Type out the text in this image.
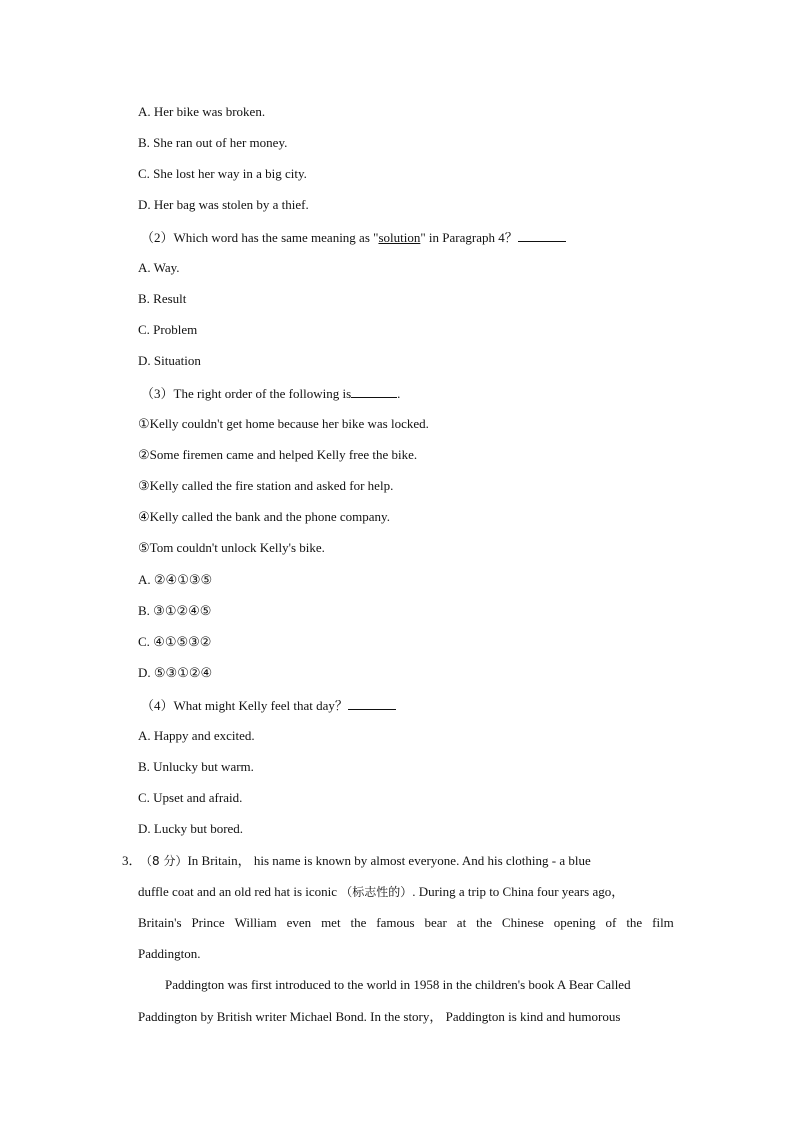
A. Her bike was broken.
B. She ran out of her money.
C. She lost her way in a big city.
D. Her bag was stolen by a thief.
（2）Which word has the same meaning as "solution" in Paragraph 4？
A. Way.
B. Result
C. Problem
D. Situation
（3）The right order of the following is	.
①Kelly couldn't get home because her bike was locked.
②Some firemen came and helped Kelly free the bike.
③Kelly called the fire station and asked for help.
④Kelly called the bank and the phone company.
⑤Tom couldn't unlock Kelly's bike.
A. ②④①③⑤
B. ③①②④⑤
C. ④①⑤③②
D. ⑤③①②④
（4）What might Kelly feel that day？
A. Happy and excited.
B. Unlucky but warm.
C. Upset and afraid.
D. Lucky but bored.
3．
（8 分）In Britain， his name is known by almost everyone. And his clothing - a blue
duffle coat and an old red hat is iconic （标志性的）. During a trip to China four years ago，
Britain's Prince William even met the famous bear at the Chinese opening of the film
Paddington.
Paddington was first introduced to the world in 1958 in the children's book A Bear Called
Paddington by British writer Michael Bond. In the story， Paddington is kind and humorous
